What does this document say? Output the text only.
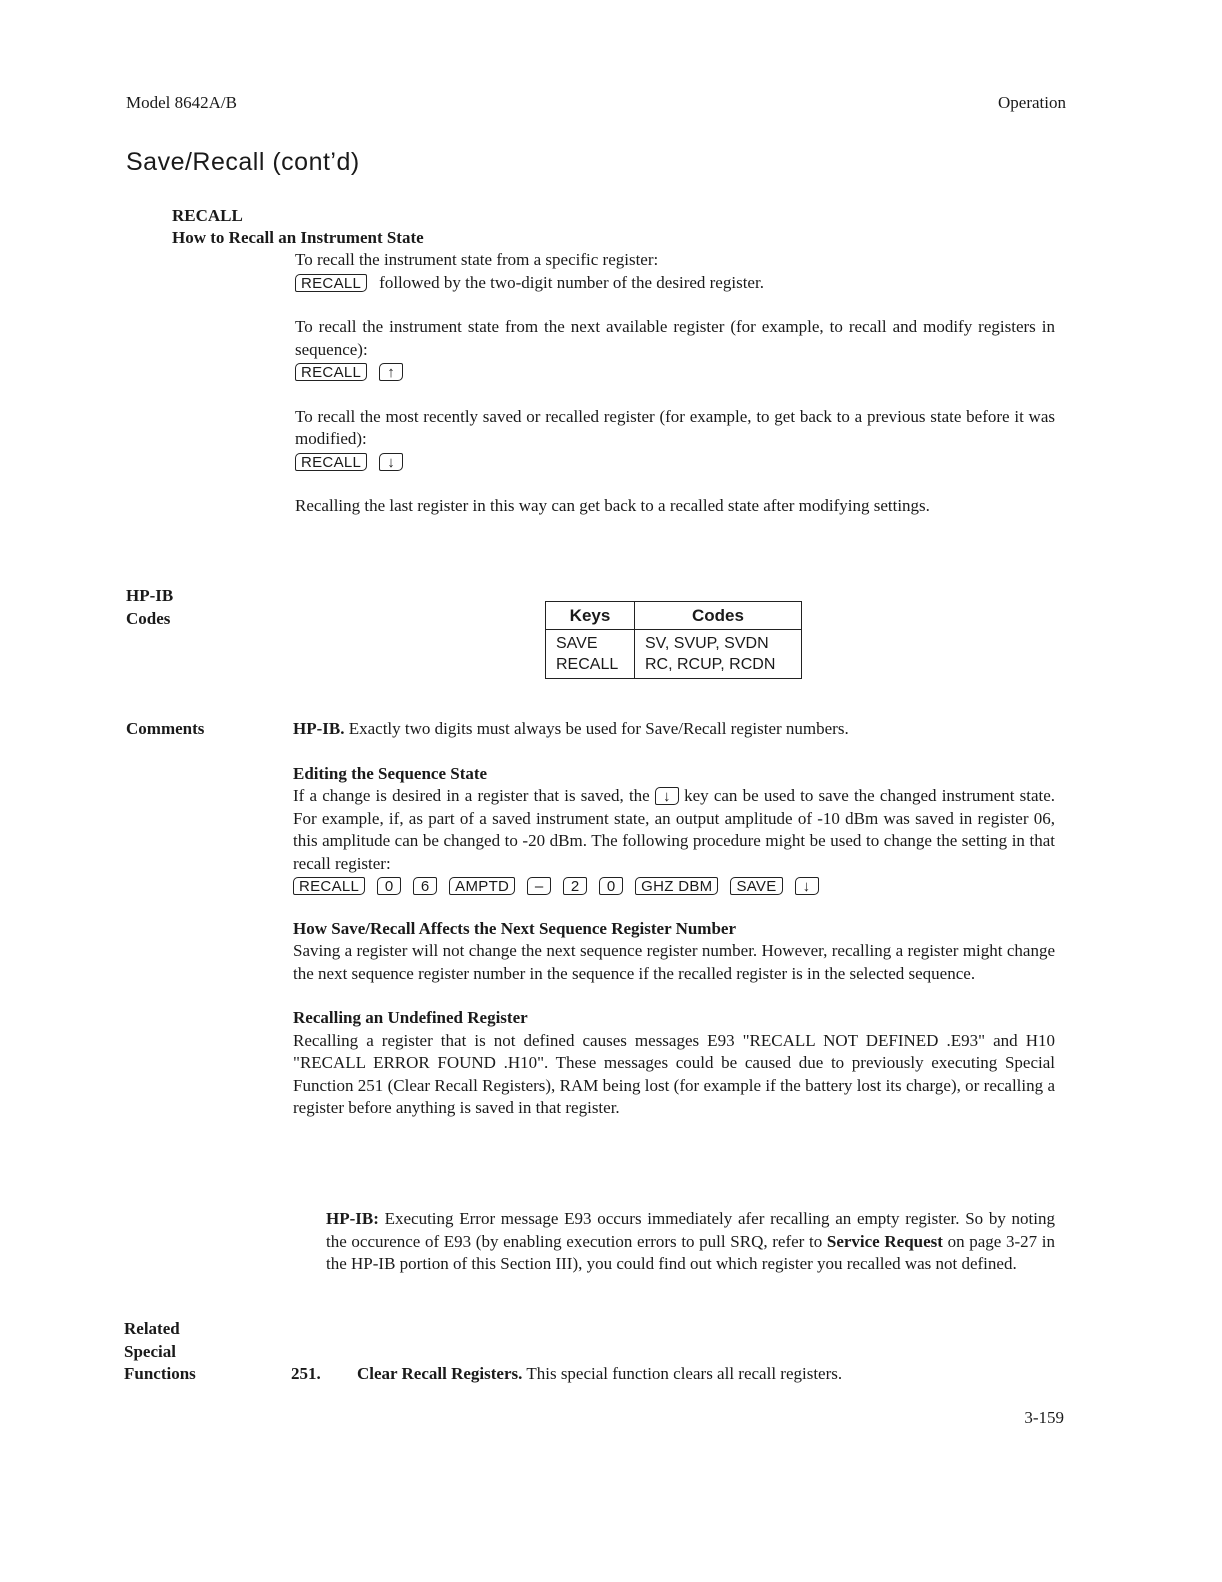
Model 8642A/B	Operation
Save/Recall (cont’d)
RECALL
How to Recall an Instrument State

To recall the instrument state from a specific register:

RECALL followed by the two-digit number of the desired register.

To recall the instrument state from the next available register (for example, to recall and modify registers in sequence):

RECALL ↑

To recall the most recently saved or recalled register (for example, to get back to a previous state before it was modified):

RECALL ↓

Recalling the last register in this way can get back to a recalled state after modifying settings.

HP-IB
Codes	Keys	Codes
SAVE	SV, SVUP, SVDN
RECALL	RC, RCUP, RCDN
Comments	HP-IB. Exactly two digits must always be used for Save/Recall register numbers.

Editing the Sequence State

If a change is desired in a register that is saved, the ↓ key can be used to save the changed instrument state. For example, if, as part of a saved instrument state, an output amplitude of -10 dBm was saved in register 06, this amplitude can be changed to -20 dBm. The following procedure might be used to change the setting in that recall register:

RECALL 0 6 AMPTD – 2 0 GHZ DBM SAVE ↓

How Save/Recall Affects the Next Sequence Register Number

Saving a register will not change the next sequence register number. However, recalling a register might change the next sequence register number in the sequence if the recalled register is in the selected sequence.

Recalling an Undefined Register

Recalling a register that is not defined causes messages E93 "RECALL NOT DEFINED .E93" and H10 "RECALL ERROR FOUND .H10". These messages could be caused due to previously executing Special Function 251 (Clear Recall Registers), RAM being lost (for example if the battery lost its charge), or recalling a register before anything is saved in that register.

HP-IB: Executing Error message E93 occurs immediately afer recalling an empty register. So by noting the occurence of E93 (by enabling execution errors to pull SRQ, refer to Service Request on page 3-27 in the HP-IB portion of this Section III), you could find out which register you recalled was not defined.

Related
Special
Functions	251. Clear Recall Registers. This special function clears all recall registers.
3-159
